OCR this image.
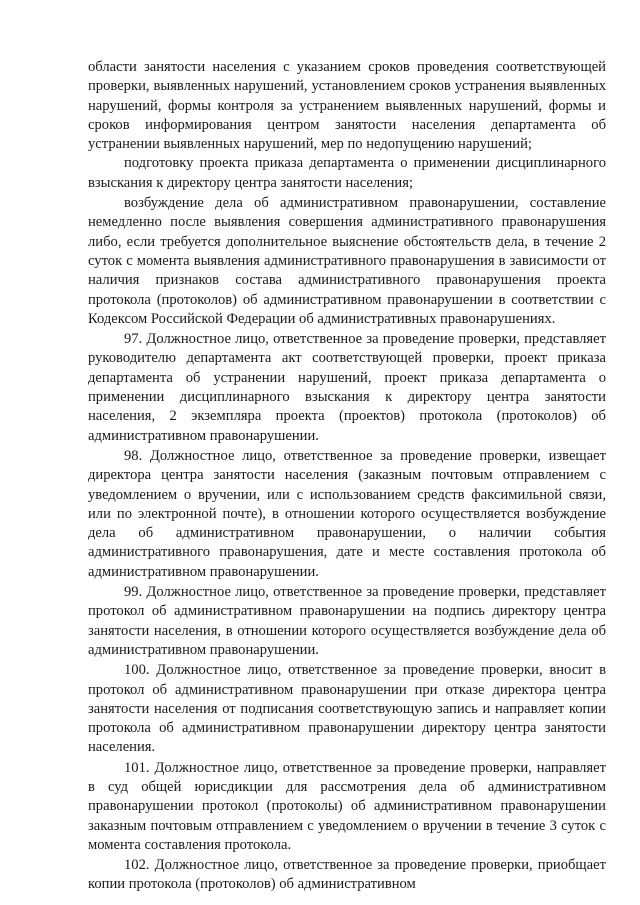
области занятости населения с указанием сроков проведения соответствующей проверки, выявленных нарушений, установлением сроков устранения выявленных нарушений, формы контроля за устранением выявленных нарушений, формы и сроков информирования центром занятости населения департамента об устранении выявленных нарушений, мер по недопущению нарушений;

подготовку проекта приказа департамента о применении дисциплинарного взыскания к директору центра занятости населения;

возбуждение дела об административном правонарушении, составление немедленно после выявления совершения административного правонарушения либо, если требуется дополнительное выяснение обстоятельств дела, в течение 2 суток с момента выявления административного правонарушения в зависимости от наличия признаков состава административного правонарушения проекта протокола (протоколов) об административном правонарушении в соответствии с Кодексом Российской Федерации об административных правонарушениях.

97. Должностное лицо, ответственное за проведение проверки, представляет руководителю департамента акт соответствующей проверки, проект приказа департамента об устранении нарушений, проект приказа департамента о применении дисциплинарного взыскания к директору центра занятости населения, 2 экземпляра проекта (проектов) протокола (протоколов) об административном правонарушении.

98. Должностное лицо, ответственное за проведение проверки, извещает директора центра занятости населения (заказным почтовым отправлением с уведомлением о вручении, или с использованием средств факсимильной связи, или по электронной почте), в отношении которого осуществляется возбуждение дела об административном правонарушении, о наличии события административного правонарушения, дате и месте составления протокола об административном правонарушении.

99. Должностное лицо, ответственное за проведение проверки, представляет протокол об административном правонарушении на подпись директору центра занятости населения, в отношении которого осуществляется возбуждение дела об административном правонарушении.

100. Должностное лицо, ответственное за проведение проверки, вносит в протокол об административном правонарушении при отказе директора центра занятости населения от подписания соответствующую запись и направляет копии протокола об административном правонарушении директору центра занятости населения.

101. Должностное лицо, ответственное за проведение проверки, направляет в суд общей юрисдикции для рассмотрения дела об административном правонарушении протокол (протоколы) об административном правонарушении заказным почтовым отправлением с уведомлением о вручении в течение 3 суток с момента составления протокола.

102. Должностное лицо, ответственное за проведение проверки, приобщает копии протокола (протоколов) об административном
